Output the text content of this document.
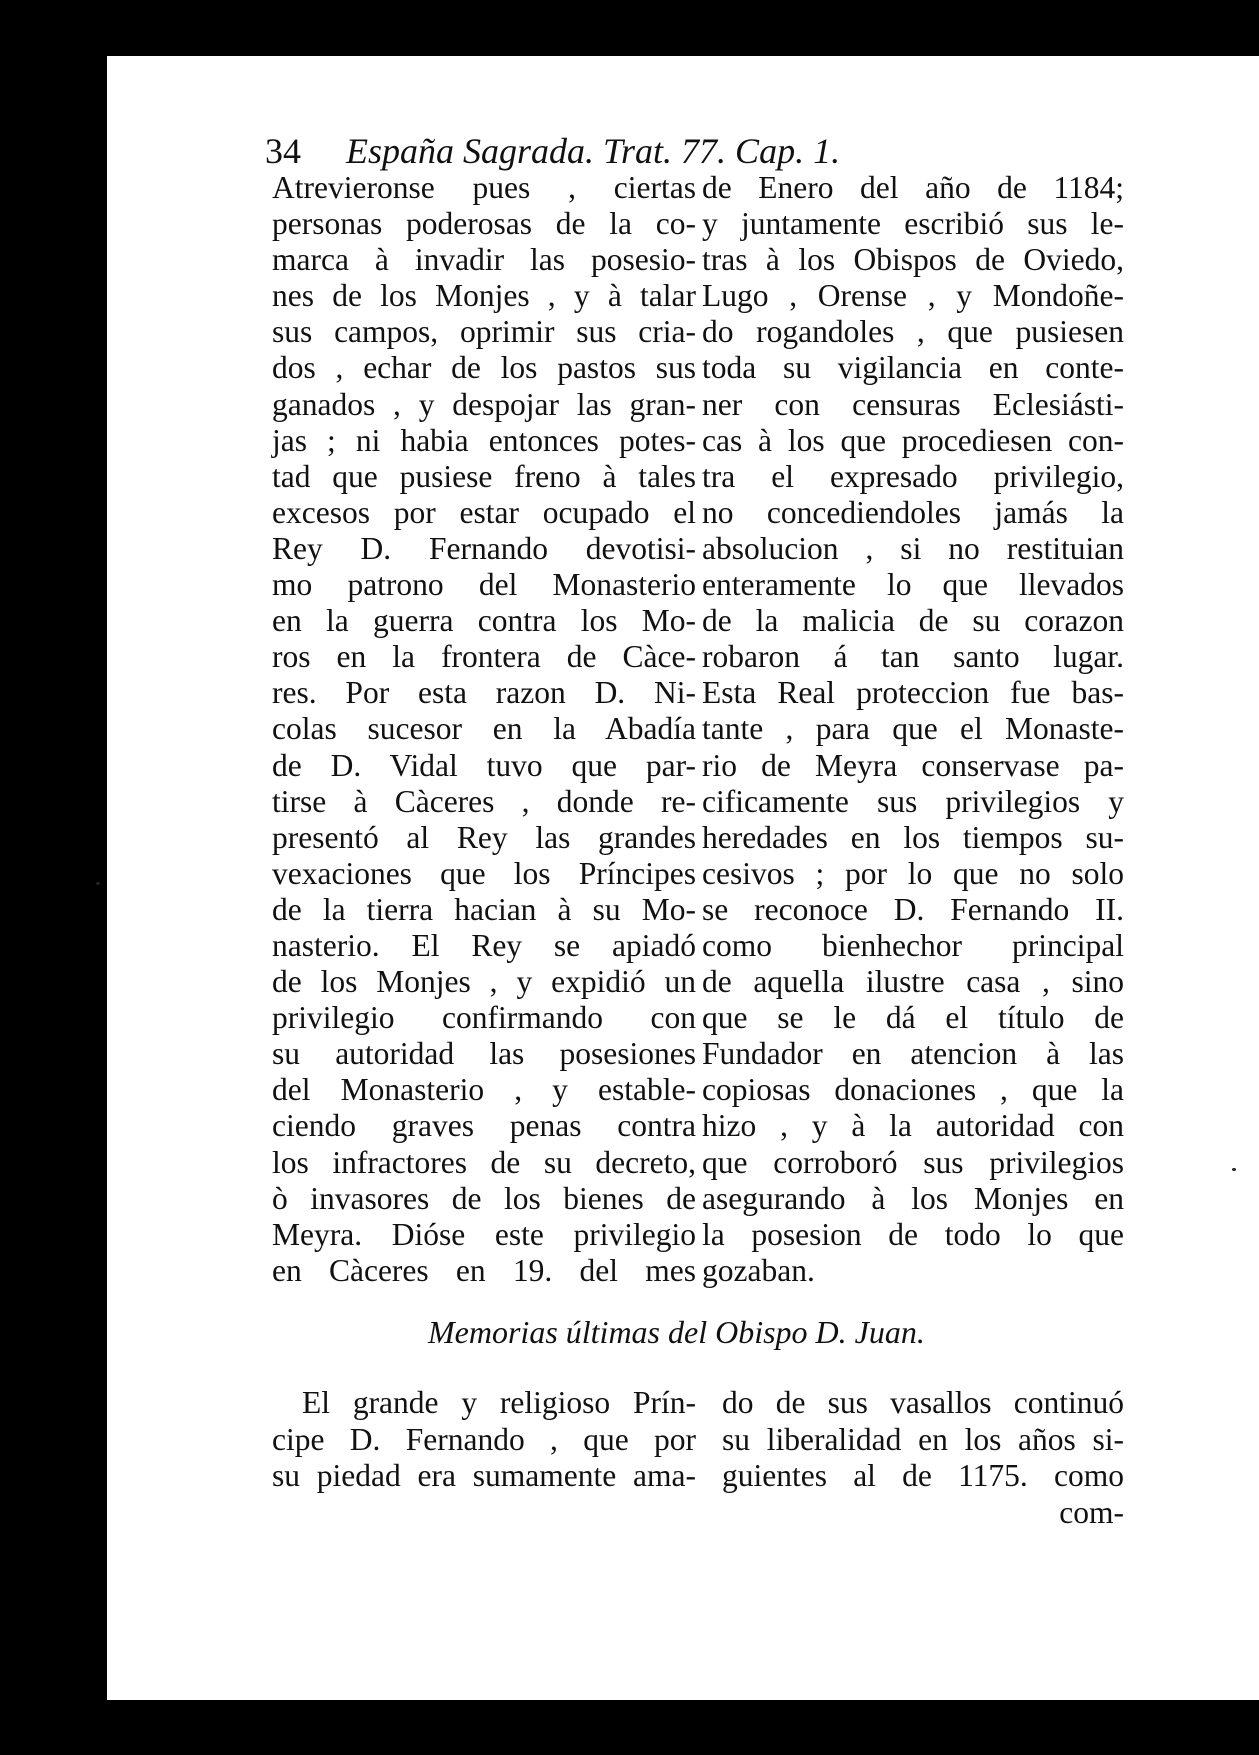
34 España Sagrada. Trat. 77. Cap. 1.
Atrevieronse pues , ciertas
personas poderosas de la co-
marca à invadir las posesio-
nes de los Monjes , y à talar
sus campos, oprimir sus cria-
dos , echar de los pastos sus
ganados , y despojar las gran-
jas ; ni habia entonces potes-
tad que pusiese freno à tales
excesos por estar ocupado el
Rey D. Fernando devotisi-
mo patrono del Monasterio
en la guerra contra los Mo-
ros en la frontera de Càce-
res. Por esta razon D. Ni-
colas sucesor en la Abadía
de D. Vidal tuvo que par-
tirse à Càceres , donde re-
presentó al Rey las grandes
vexaciones que los Príncipes
de la tierra hacian à su Mo-
nasterio. El Rey se apiadó
de los Monjes , y expidió un
privilegio confirmando con
su autoridad las posesiones
del Monasterio , y estable-
ciendo graves penas contra
los infractores de su decreto,
ò invasores de los bienes de
Meyra. Dióse este privilegio
en Càceres en 19. del mes
de Enero del año de 1184;
y juntamente escribió sus le-
tras à los Obispos de Oviedo,
Lugo , Orense , y Mondoñe-
do rogandoles , que pusiesen
toda su vigilancia en conte-
ner con censuras Eclesiásti-
cas à los que procediesen con-
tra el expresado privilegio,
no concediendoles jamás la
absolucion , si no restituian
enteramente lo que llevados
de la malicia de su corazon
robaron á tan santo lugar.
Esta Real proteccion fue bas-
tante , para que el Monaste-
rio de Meyra conservase pa-
cificamente sus privilegios y
heredades en los tiempos su-
cesivos ; por lo que no solo
se reconoce D. Fernando II.
como bienhechor principal
de aquella ilustre casa , sino
que se le dá el título de
Fundador en atencion à las
copiosas donaciones , que la
hizo , y à la autoridad con
que corroboró sus privilegios
asegurando à los Monjes en
la posesion de todo lo que
gozaban.
Memorias últimas del Obispo D. Juan.
El grande y religioso Prín-
cipe D. Fernando , que por
su piedad era sumamente ama-
do de sus vasallos continuó
su liberalidad en los años si-
guientes al de 1175. como
com-
